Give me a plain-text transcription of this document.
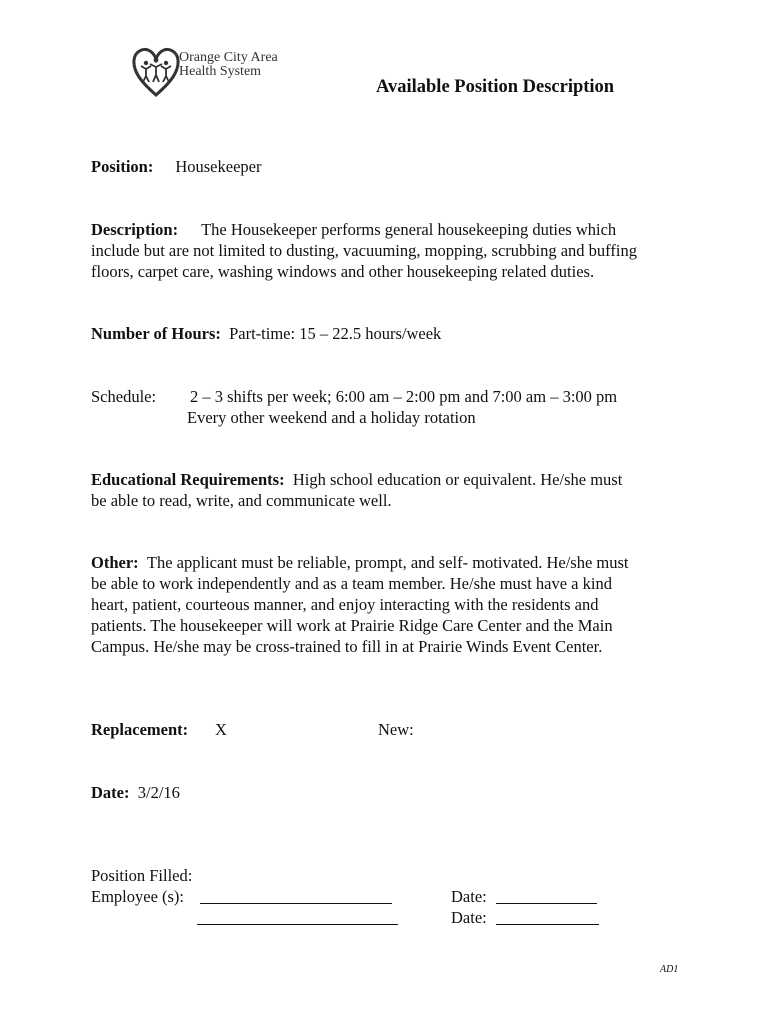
Orange City Area
Health System
Available Position Description
Position: Housekeeper
Description: The Housekeeper performs general housekeeping duties which
include but are not limited to dusting, vacuuming, mopping, scrubbing and buffing
floors, carpet care, washing windows and other housekeeping related duties.
Number of Hours: Part-time: 15 – 22.5 hours/week
Schedule: 2 – 3 shifts per week; 6:00 am – 2:00 pm and 7:00 am – 3:00 pm
Every other weekend and a holiday rotation
Educational Requirements: High school education or equivalent. He/she must
be able to read, write, and communicate well.
Other: The applicant must be reliable, prompt, and self- motivated. He/she must
be able to work independently and as a team member. He/she must have a kind
heart, patient, courteous manner, and enjoy interacting with the residents and
patients. The housekeeper will work at Prairie Ridge Care Center and the Main
Campus. He/she may be cross-trained to fill in at Prairie Winds Event Center.
Replacement: X	New:
Date: 3/2/16
Position Filled:
Employee (s):	Date:
Date:
AD1
